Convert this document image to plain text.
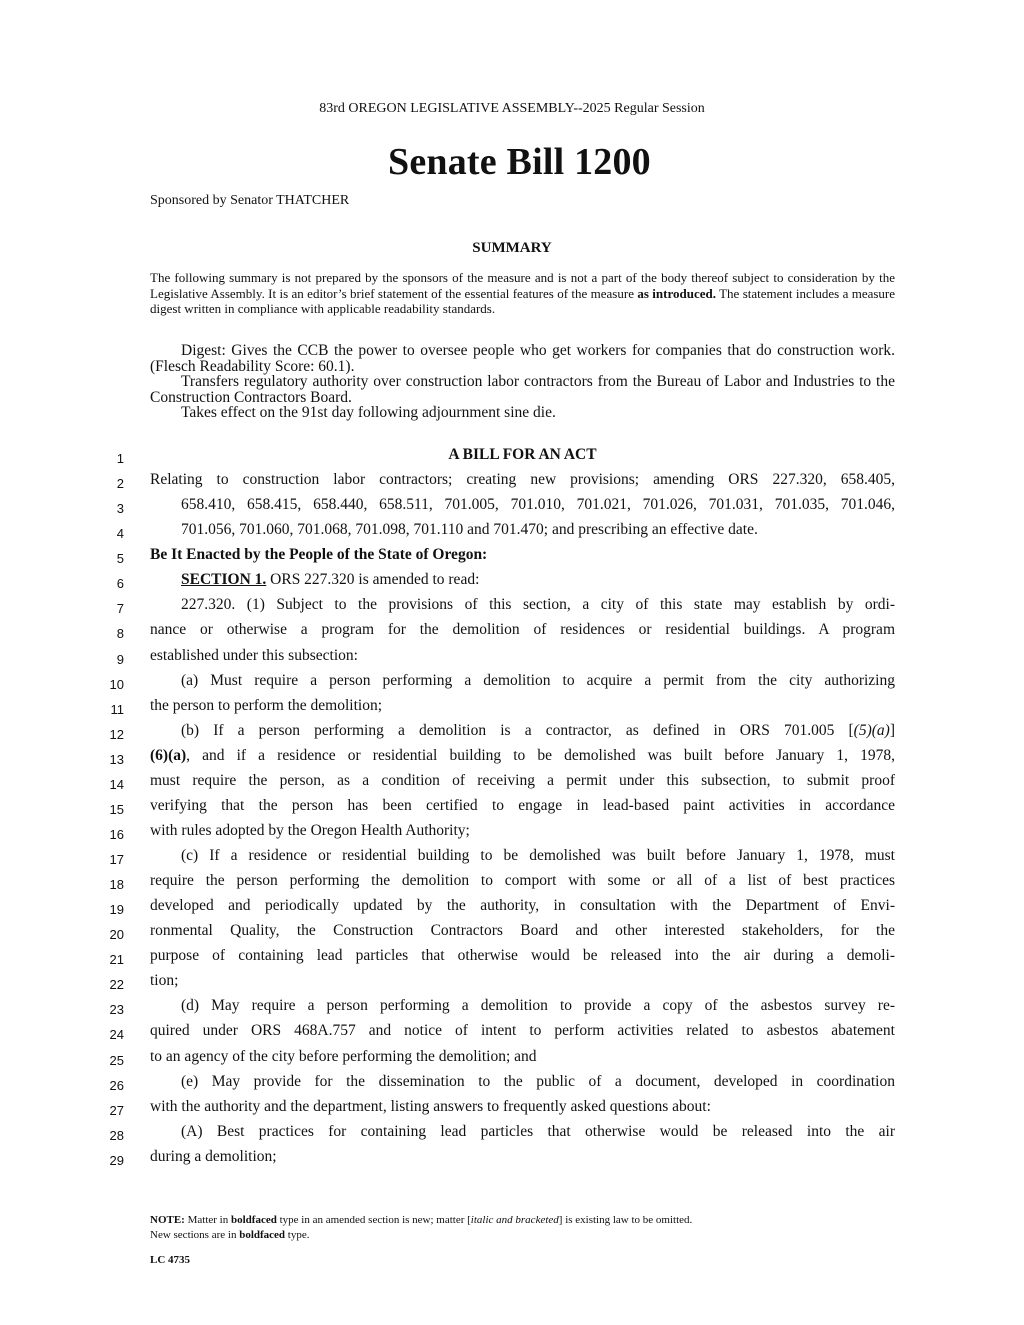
83rd OREGON LEGISLATIVE ASSEMBLY--2025 Regular Session
Senate Bill 1200
Sponsored by Senator THATCHER
SUMMARY
The following summary is not prepared by the sponsors of the measure and is not a part of the body thereof subject to consideration by the Legislative Assembly. It is an editor’s brief statement of the essential features of the measure as introduced. The statement includes a measure digest written in compliance with applicable readability standards.

Digest: Gives the CCB the power to oversee people who get workers for companies that do construction work. (Flesch Readability Score: 60.1).

Transfers regulatory authority over construction labor contractors from the Bureau of Labor and Industries to the Construction Contractors Board.

Takes effect on the 91st day following adjournment sine die.

1
2
3
4
5
6
7
8
9
10
11
12
13
14
15
16
17
18
19
20
21
22
23
24
25
26
27
28
29
A BILL FOR AN ACT
Relating to construction labor contractors; creating new provisions; amending ORS 227.320, 658.405,
658.410, 658.415, 658.440, 658.511, 701.005, 701.010, 701.021, 701.026, 701.031, 701.035, 701.046,
701.056, 701.060, 701.068, 701.098, 701.110 and 701.470; and prescribing an effective date.
Be It Enacted by the People of the State of Oregon:
SECTION 1. ORS 227.320 is amended to read:
227.320. (1) Subject to the provisions of this section, a city of this state may establish by ordi-
nance or otherwise a program for the demolition of residences or residential buildings. A program
established under this subsection:
(a) Must require a person performing a demolition to acquire a permit from the city authorizing
the person to perform the demolition;
(b) If a person performing a demolition is a contractor, as defined in ORS 701.005 [(5)(a)]
(6)(a), and if a residence or residential building to be demolished was built before January 1, 1978,
must require the person, as a condition of receiving a permit under this subsection, to submit proof
verifying that the person has been certified to engage in lead-based paint activities in accordance
with rules adopted by the Oregon Health Authority;
(c) If a residence or residential building to be demolished was built before January 1, 1978, must
require the person performing the demolition to comport with some or all of a list of best practices
developed and periodically updated by the authority, in consultation with the Department of Envi-
ronmental Quality, the Construction Contractors Board and other interested stakeholders, for the
purpose of containing lead particles that otherwise would be released into the air during a demoli-
tion;
(d) May require a person performing a demolition to provide a copy of the asbestos survey re-
quired under ORS 468A.757 and notice of intent to perform activities related to asbestos abatement
to an agency of the city before performing the demolition; and
(e) May provide for the dissemination to the public of a document, developed in coordination
with the authority and the department, listing answers to frequently asked questions about:
(A) Best practices for containing lead particles that otherwise would be released into the air
during a demolition;
NOTE: Matter in boldfaced type in an amended section is new; matter [italic and bracketed] is existing law to be omitted.
New sections are in boldfaced type.
LC 4735
